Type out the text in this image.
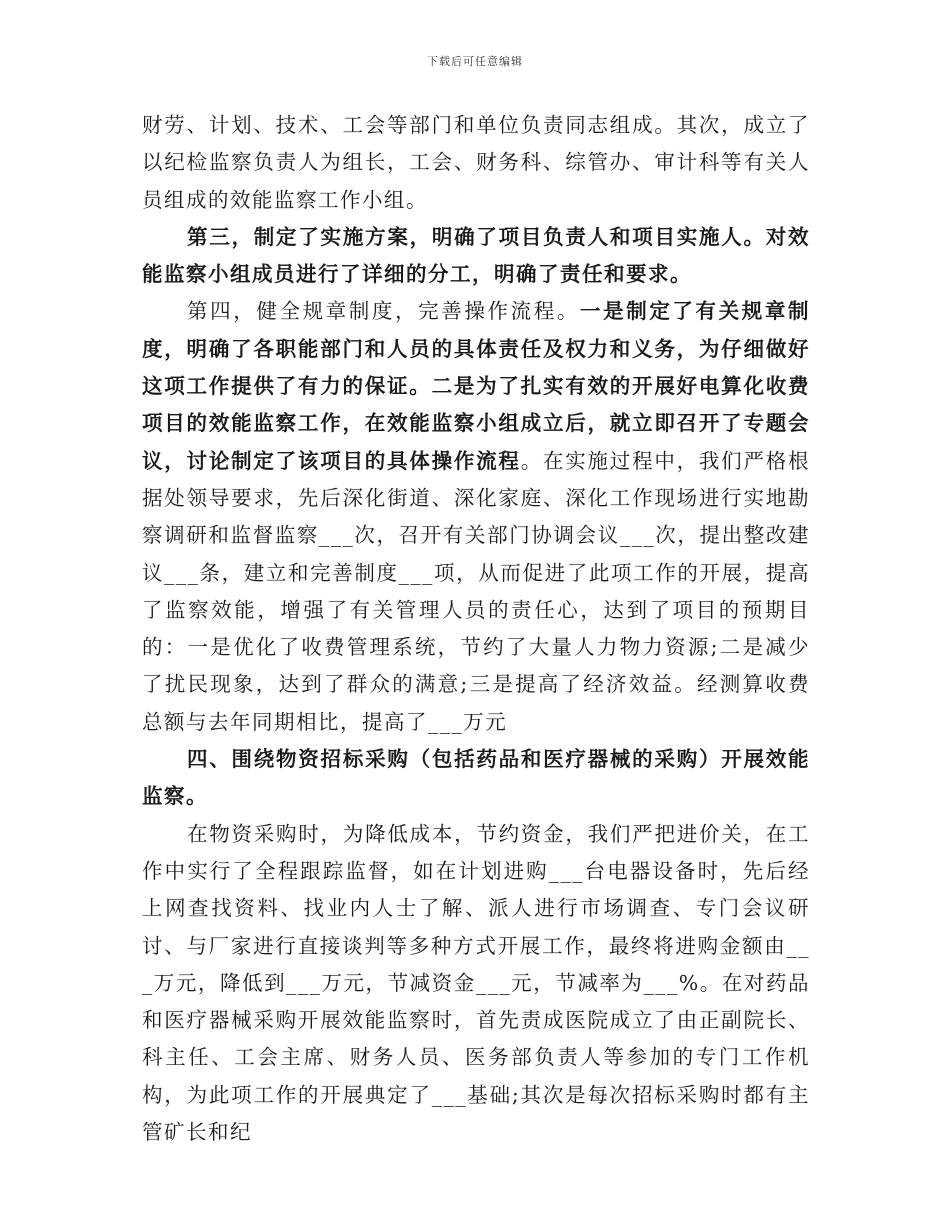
下载后可任意编辑

财劳、计划、技术、工会等部门和单位负责同志组成。其次，成立了以纪检监察负责人为组长，工会、财务科、综管办、审计科等有关人员组成的效能监察工作小组。

第三，制定了实施方案，明确了项目负责人和项目实施人。对效能监察小组成员进行了详细的分工，明确了责任和要求。

第四，健全规章制度，完善操作流程。一是制定了有关规章制度，明确了各职能部门和人员的具体责任及权力和义务，为仔细做好这项工作提供了有力的保证。二是为了扎实有效的开展好电算化收费项目的效能监察工作，在效能监察小组成立后，就立即召开了专题会议，讨论制定了该项目的具体操作流程。在实施过程中，我们严格根据处领导要求，先后深化街道、深化家庭、深化工作现场进行实地勘察调研和监督监察___次，召开有关部门协调会议___次，提出整改建议___条，建立和完善制度___项，从而促进了此项工作的开展，提高了监察效能，增强了有关管理人员的责任心，达到了项目的预期目的：一是优化了收费管理系统，节约了大量人力物力资源;二是减少了扰民现象，达到了群众的满意;三是提高了经济效益。经测算收费总额与去年同期相比，提高了___万元

四、围绕物资招标采购（包括药品和医疗器械的采购）开展效能监察。

在物资采购时，为降低成本，节约资金，我们严把进价关，在工作中实行了全程跟踪监督，如在计划进购___台电器设备时，先后经上网查找资料、找业内人士了解、派人进行市场调查、专门会议研讨、与厂家进行直接谈判等多种方式开展工作，最终将进购金额由___万元，降低到___万元，节减资金___元，节减率为___%。在对药品和医疗器械采购开展效能监察时，首先责成医院成立了由正副院长、科主任、工会主席、财务人员、医务部负责人等参加的专门工作机构，为此项工作的开展典定了___基础;其次是每次招标采购时都有主管矿长和纪
